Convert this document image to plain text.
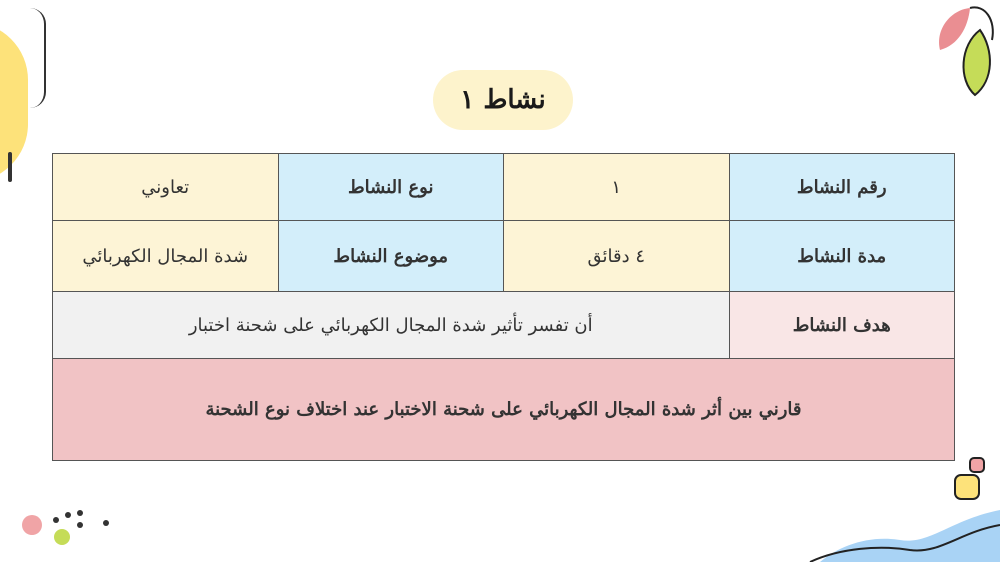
نشاط ١
رقم النشاط	١	نوع النشاط	تعاوني
مدة النشاط	٤ دقائق	موضوع النشاط	شدة المجال الكهربائي
هدف النشاط	أن تفسر تأثير شدة المجال الكهربائي على شحنة اختبار		
قارني بين أثر شدة المجال الكهربائي على شحنة الاختبار عند اختلاف نوع الشحنة			
